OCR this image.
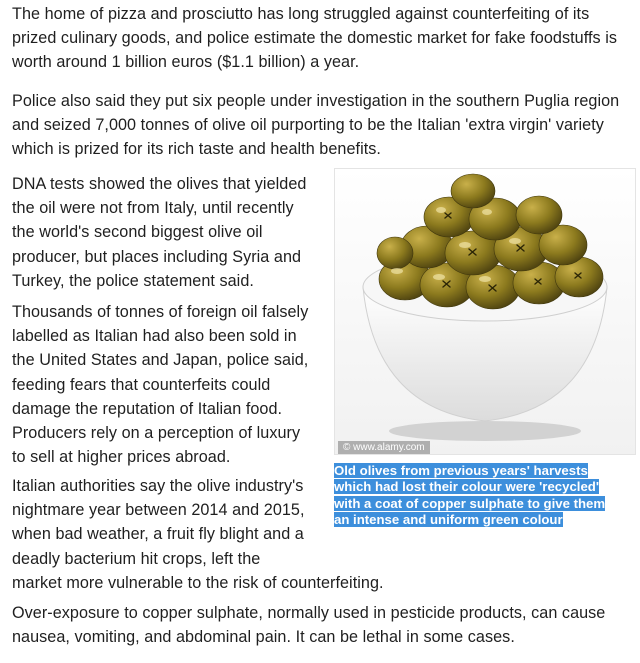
The home of pizza and prosciutto has long struggled against counterfeiting of its
prized culinary goods, and police estimate the domestic market for fake foodstuffs is
worth around 1 billion euros ($1.1 billion) a year.

Police also said they put six people under investigation in the southern Puglia region
and seized 7,000 tonnes of olive oil purporting to be the Italian 'extra virgin' variety
which is prized for its rich taste and health benefits.

DNA tests showed the olives that yielded
the oil were not from Italy, until recently
the world's second biggest olive oil
producer, but places including Syria and
Turkey, the police statement said.

Thousands of tonnes of foreign oil falsely
labelled as Italian had also been sold in
the United States and Japan, police said,
feeding fears that counterfeits could
damage the reputation of Italian food.
Producers rely on a perception of luxury
to sell at higher prices abroad.

Italian authorities say the olive industry's
nightmare year between 2014 and 2015,
when bad weather, a fruit fly blight and a
deadly bacterium hit crops, left the
market more vulnerable to the risk of counterfeiting.

Over-exposure to copper sulphate, normally used in pesticide products, can cause
nausea, vomiting, and abdominal pain. It can be lethal in some cases.

© www.alamy.com
Old olives from previous years' harvests
which had lost their colour were 'recycled'
with a coat of copper sulphate to give them
an intense and uniform green colour
